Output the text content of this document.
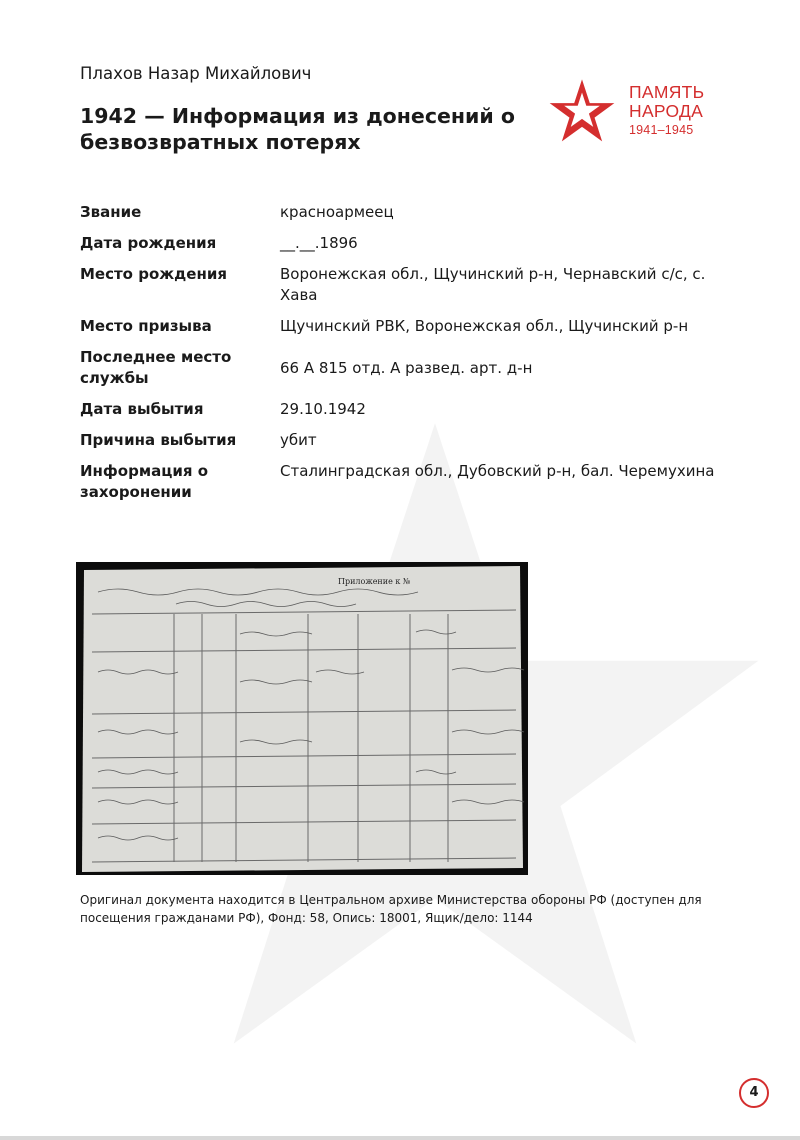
Плахов Назар Михайлович
1942 — Информация из донесений о безвозвратных потерях
ПАМЯТЬ
НАРОДА
1941–1945
Звание	красноармеец
Дата рождения	__.__.1896
Место рождения	Воронежская обл., Щучинский р-н, Чернавский с/с, с. Хава
Место призыва	Щучинский РВК, Воронежская обл., Щучинский р-н
Последнее место службы	66 А 815 отд. А развед. арт. д-н
Дата выбытия	29.10.1942
Причина выбытия	убит
Информация о захоронении	Сталинградская обл., Дубовский р-н, бал. Черемухина
Приложение к №
Оригинал документа находится в Центральном архиве Министерства обороны РФ (доступен для посещения гражданами РФ), Фонд: 58, Опись: 18001, Ящик/дело: 1144
4
